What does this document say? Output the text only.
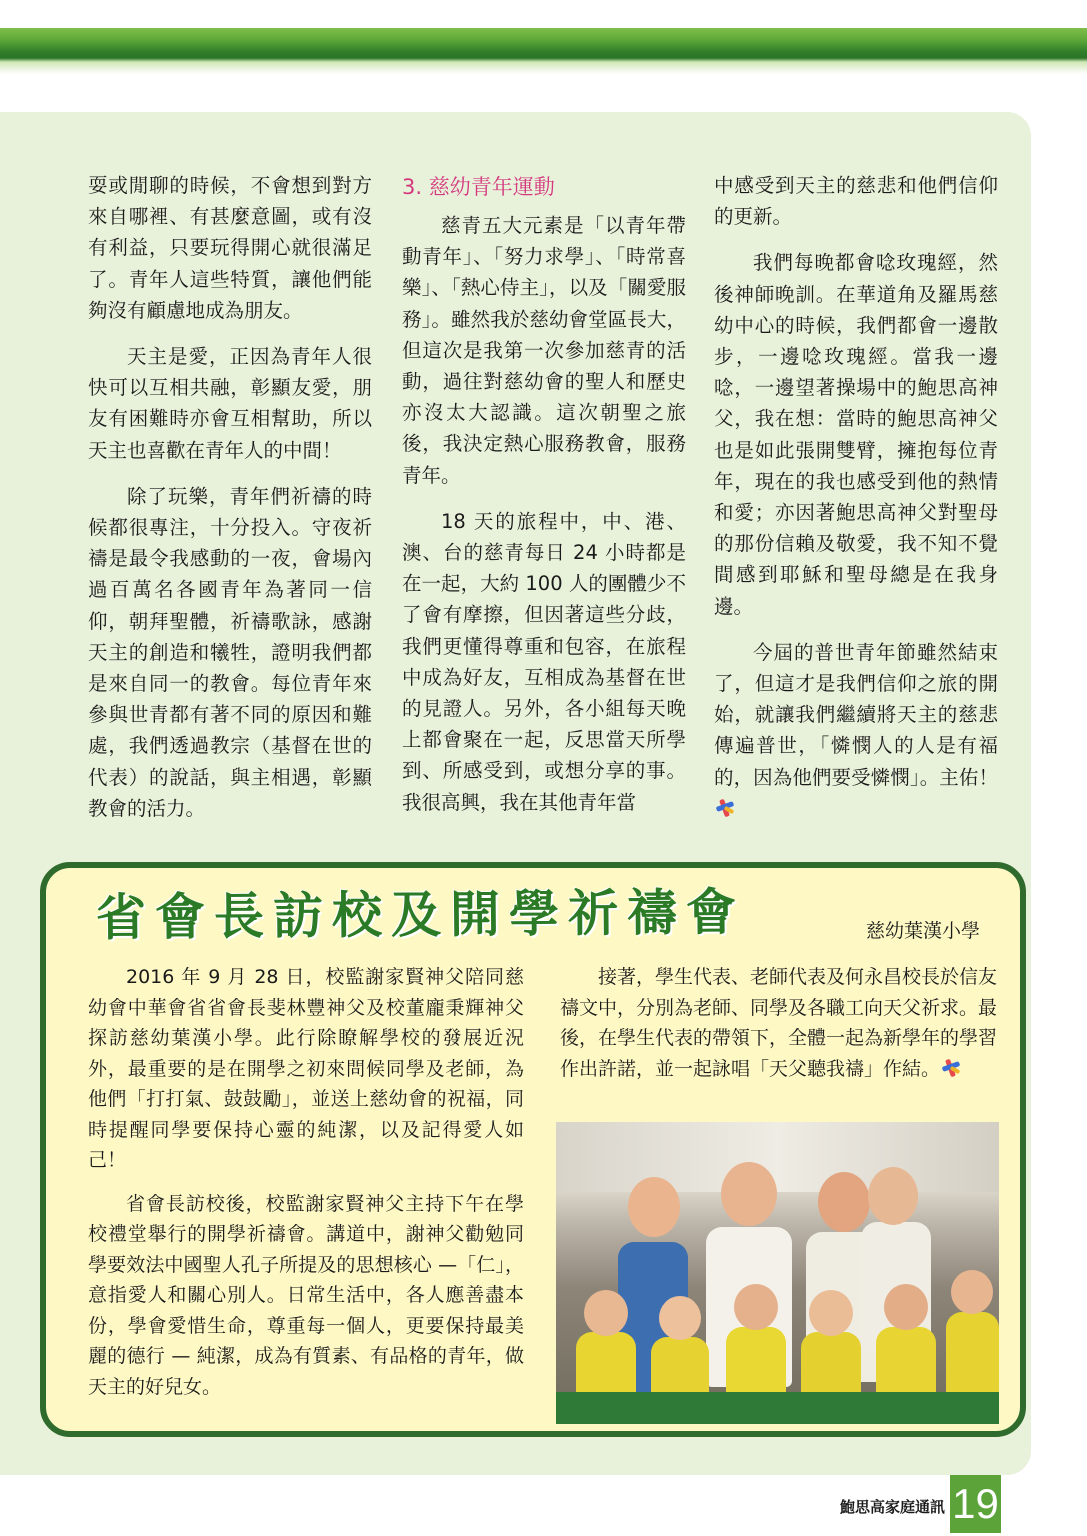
耍或閒聊的時候，不會想到對方來自哪裡、有甚麼意圖，或有沒有利益，只要玩得開心就很滿足了。青年人這些特質，讓他們能夠沒有顧慮地成為朋友。

天主是愛，正因為青年人很快可以互相共融，彰顯友愛，朋友有困難時亦會互相幫助，所以天主也喜歡在青年人的中間！

除了玩樂，青年們祈禱的時候都很專注，十分投入。守夜祈禱是最令我感動的一夜，會場內過百萬名各國青年為著同一信仰，朝拜聖體，祈禱歌詠，感謝天主的創造和犧牲，證明我們都是來自同一的教會。每位青年來參與世青都有著不同的原因和難處，我們透過教宗（基督在世的代表）的說話，與主相遇，彰顯教會的活力。

3. 慈幼青年運動

慈青五大元素是「以青年帶動青年」、「努力求學」、「時常喜樂」、「熱心侍主」，以及「關愛服務」。雖然我於慈幼會堂區長大，但這次是我第一次參加慈青的活動，過往對慈幼會的聖人和歷史亦沒太大認識。這次朝聖之旅後，我決定熱心服務教會，服務青年。

18 天的旅程中，中、港、澳、台的慈青每日 24 小時都是在一起，大約 100 人的團體少不了會有摩擦，但因著這些分歧，我們更懂得尊重和包容，在旅程中成為好友，互相成為基督在世的見證人。另外，各小組每天晚上都會聚在一起，反思當天所學到、所感受到，或想分享的事。我很高興，我在其他青年當

中感受到天主的慈悲和他們信仰的更新。

我們每晚都會唸玫瑰經，然後神師晚訓。在華道角及羅馬慈幼中心的時候，我們都會一邊散步，一邊唸玫瑰經。當我一邊唸，一邊望著操場中的鮑思高神父，我在想：當時的鮑思高神父也是如此張開雙臂，擁抱每位青年，現在的我也感受到他的熱情和愛；亦因著鮑思高神父對聖母的那份信賴及敬愛，我不知不覺間感到耶穌和聖母總是在我身邊。

今屆的普世青年節雖然結束了，但這才是我們信仰之旅的開始，就讓我們繼續將天主的慈悲傳遍普世，「憐憫人的人是有福的，因為他們要受憐憫」。主佑！

省會長訪校及開學祈禱會	慈幼葉漢小學

2016 年 9 月 28 日，校監謝家賢神父陪同慈幼會中華會省省會長斐林豐神父及校董龐秉輝神父探訪慈幼葉漢小學。此行除瞭解學校的發展近況外，最重要的是在開學之初來問候同學及老師，為他們「打打氣、鼓鼓勵」，並送上慈幼會的祝福，同時提醒同學要保持心靈的純潔，以及記得愛人如己！

省會長訪校後，校監謝家賢神父主持下午在學校禮堂舉行的開學祈禱會。講道中，謝神父勸勉同學要效法中國聖人孔子所提及的思想核心 —「仁」，意指愛人和關心別人。日常生活中，各人應善盡本份，學會愛惜生命，尊重每一個人，更要保持最美麗的德行 — 純潔，成為有質素、有品格的青年，做天主的好兒女。

接著，學生代表、老師代表及何永昌校長於信友禱文中，分別為老師、同學及各職工向天父祈求。最後，在學生代表的帶領下，全體一起為新學年的學習作出許諾，並一起詠唱「天父聽我禱」作結。

鮑思高家庭通訊 19
